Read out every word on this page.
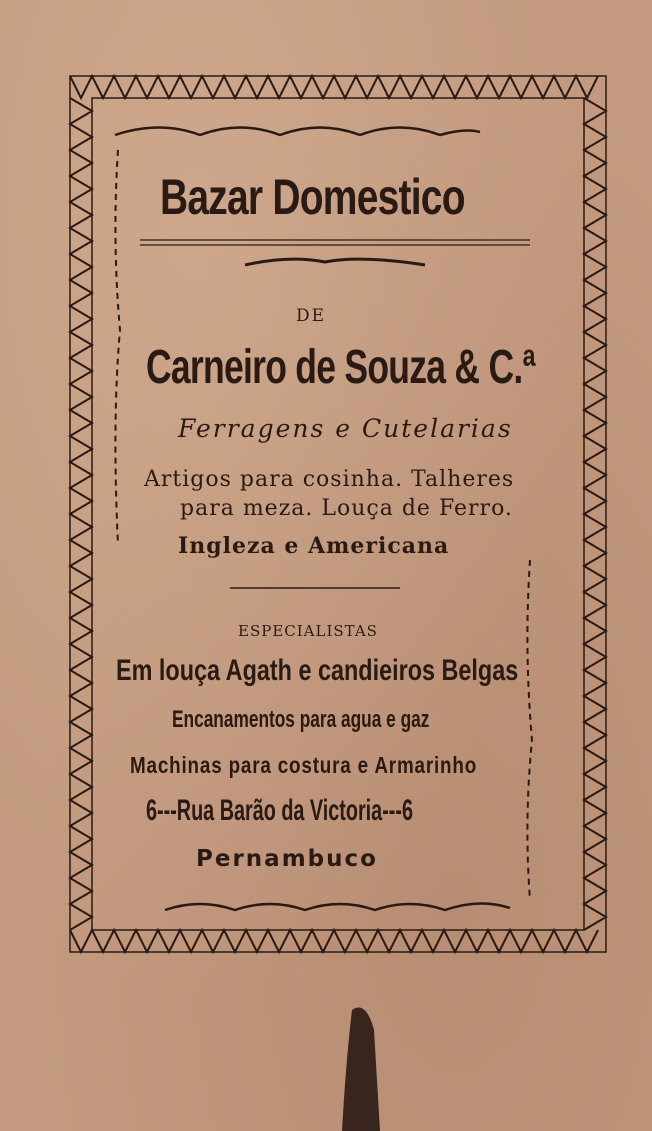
Bazar Domestico
DE
Carneiro de Souza & C.ª
Ferragens e Cutelarias
Artigos para cosinha. Talheres
para meza. Louça de Ferro.
Ingleza e Americana
ESPECIALISTAS
Em louça Agath e candieiros Belgas
Encanamentos para agua e gaz
Machinas para costura e Armarinho
6---Rua Barão da Victoria---6
Pernambuco
